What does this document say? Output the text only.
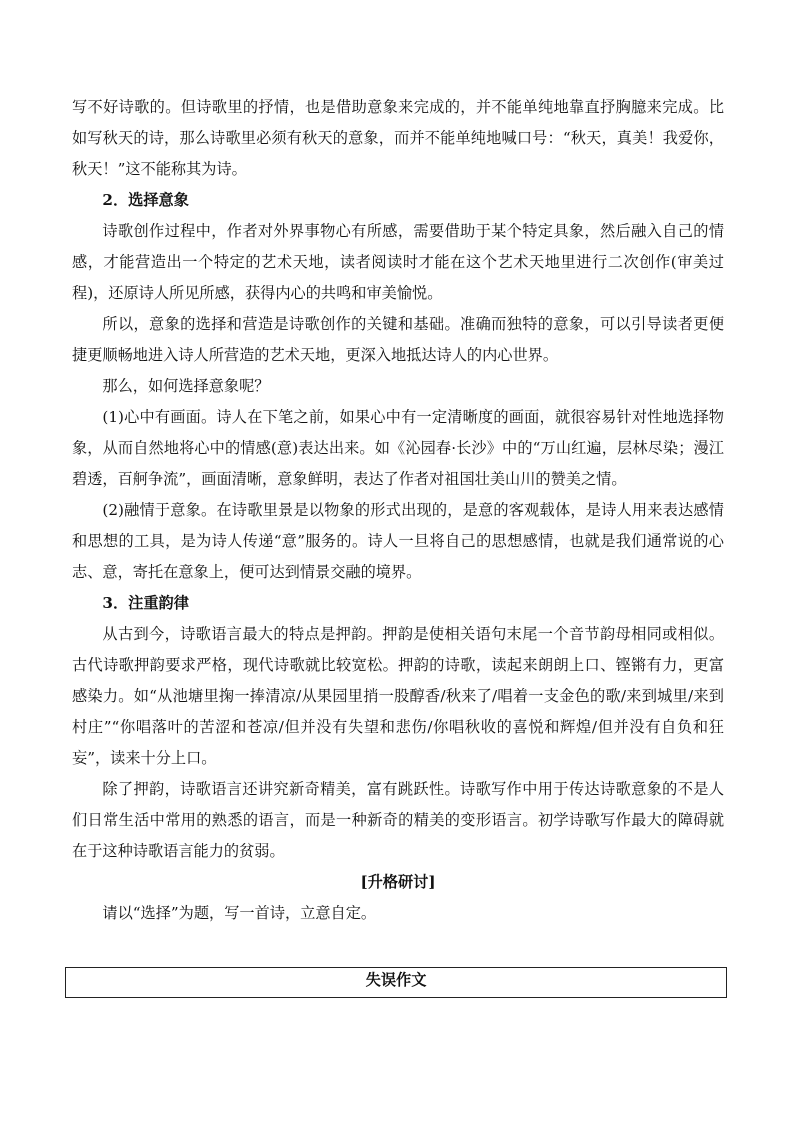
写不好诗歌的。但诗歌里的抒情，也是借助意象来完成的，并不能单纯地靠直抒胸臆来完成。比如写秋天的诗，那么诗歌里必须有秋天的意象，而并不能单纯地喊口号：“秋天，真美！我爱你，秋天！”这不能称其为诗。

2．选择意象

诗歌创作过程中，作者对外界事物心有所感，需要借助于某个特定具象，然后融入自己的情感，才能营造出一个特定的艺术天地，读者阅读时才能在这个艺术天地里进行二次创作(审美过程)，还原诗人所见所感，获得内心的共鸣和审美愉悦。

所以，意象的选择和营造是诗歌创作的关键和基础。准确而独特的意象，可以引导读者更便捷更顺畅地进入诗人所营造的艺术天地，更深入地抵达诗人的内心世界。

那么，如何选择意象呢？

(1)心中有画面。诗人在下笔之前，如果心中有一定清晰度的画面，就很容易针对性地选择物象，从而自然地将心中的情感(意)表达出来。如《沁园春·长沙》中的“万山红遍，层林尽染；漫江碧透，百舸争流”，画面清晰，意象鲜明，表达了作者对祖国壮美山川的赞美之情。

(2)融情于意象。在诗歌里景是以物象的形式出现的，是意的客观载体，是诗人用来表达感情和思想的工具，是为诗人传递“意”服务的。诗人一旦将自己的思想感情，也就是我们通常说的心志、意，寄托在意象上，便可达到情景交融的境界。

3．注重韵律

从古到今，诗歌语言最大的特点是押韵。押韵是使相关语句末尾一个音节韵母相同或相似。古代诗歌押韵要求严格，现代诗歌就比较宽松。押韵的诗歌，读起来朗朗上口、铿锵有力，更富感染力。如“从池塘里掬一捧清凉/从果园里捎一股醇香/秋来了/唱着一支金色的歌/来到城里/来到村庄”“你唱落叶的苦涩和苍凉/但并没有失望和悲伤/你唱秋收的喜悦和辉煌/但并没有自负和狂妄”，读来十分上口。

除了押韵，诗歌语言还讲究新奇精美，富有跳跃性。诗歌写作中用于传达诗歌意象的不是人们日常生活中常用的熟悉的语言，而是一种新奇的精美的变形语言。初学诗歌写作最大的障碍就在于这种诗歌语言能力的贫弱。

[升格研讨]

请以“选择”为题，写一首诗，立意自定。

失误作文
